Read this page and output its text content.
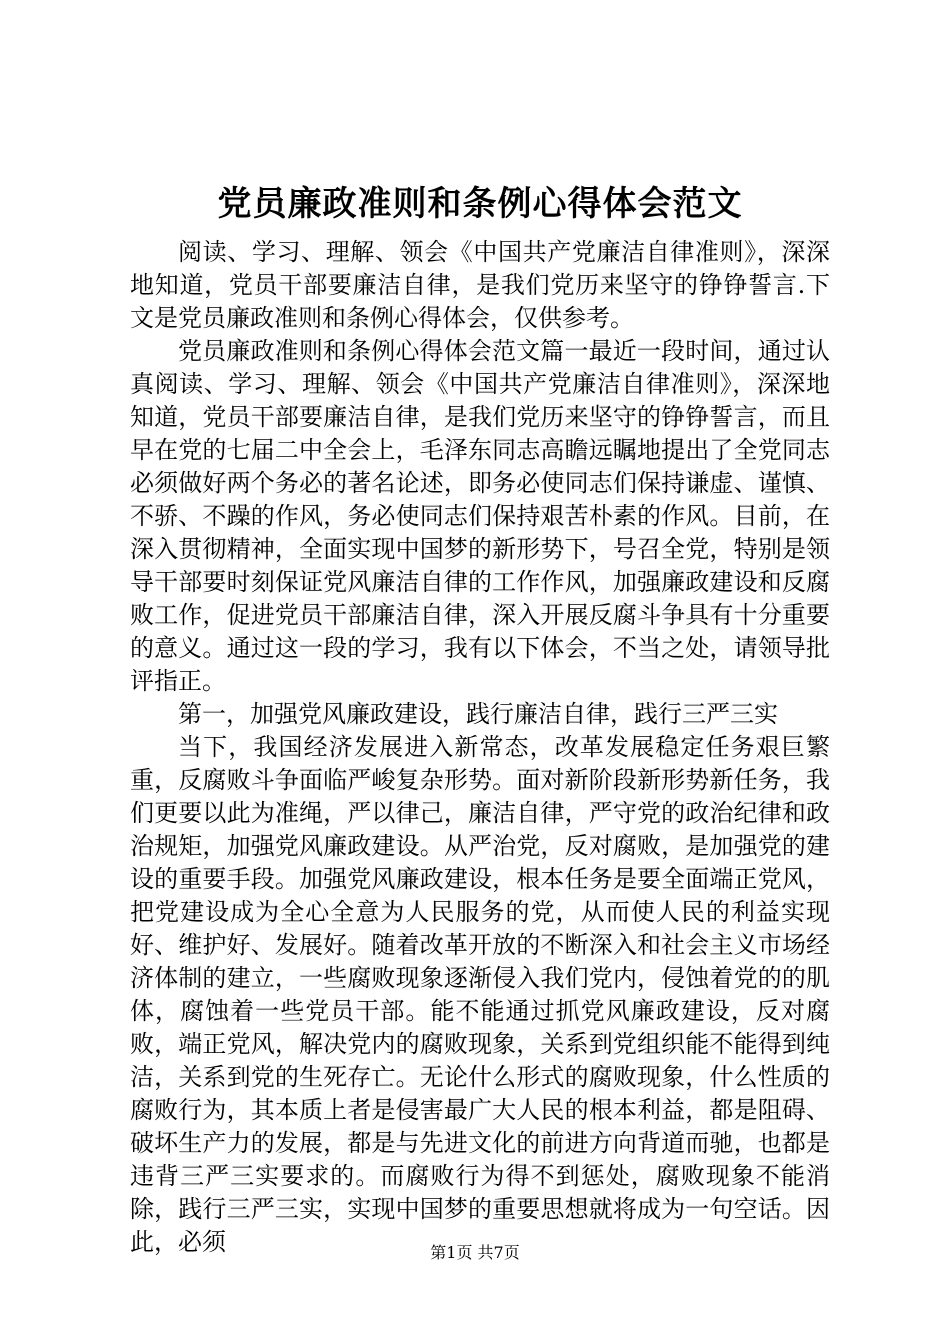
党员廉政准则和条例心得体会范文

阅读、学习、理解、领会《中国共产党廉洁自律准则》，深深地知道，党员干部要廉洁自律，是我们党历来坚守的铮铮誓言.下文是党员廉政准则和条例心得体会，仅供参考。

党员廉政准则和条例心得体会范文篇一最近一段时间，通过认真阅读、学习、理解、领会《中国共产党廉洁自律准则》，深深地知道，党员干部要廉洁自律，是我们党历来坚守的铮铮誓言，而且早在党的七届二中全会上，毛泽东同志高瞻远瞩地提出了全党同志必须做好两个务必的著名论述，即务必使同志们保持谦虚、谨慎、不骄、不躁的作风，务必使同志们保持艰苦朴素的作风。目前，在深入贯彻精神，全面实现中国梦的新形势下，号召全党，特别是领导干部要时刻保证党风廉洁自律的工作作风，加强廉政建设和反腐败工作，促进党员干部廉洁自律，深入开展反腐斗争具有十分重要的意义。通过这一段的学习，我有以下体会，不当之处，请领导批评指正。

第一，加强党风廉政建设，践行廉洁自律，践行三严三实

当下，我国经济发展进入新常态，改革发展稳定任务艰巨繁重，反腐败斗争面临严峻复杂形势。面对新阶段新形势新任务，我们更要以此为准绳，严以律己，廉洁自律，严守党的政治纪律和政治规矩，加强党风廉政建设。从严治党，反对腐败，是加强党的建设的重要手段。加强党风廉政建设，根本任务是要全面端正党风，把党建设成为全心全意为人民服务的党，从而使人民的利益实现好、维护好、发展好。随着改革开放的不断深入和社会主义市场经济体制的建立，一些腐败现象逐渐侵入我们党内，侵蚀着党的的肌体，腐蚀着一些党员干部。能不能通过抓党风廉政建设，反对腐败，端正党风，解决党内的腐败现象，关系到党组织能不能得到纯洁，关系到党的生死存亡。无论什么形式的腐败现象，什么性质的腐败行为，其本质上者是侵害最广大人民的根本利益，都是阻碍、破坏生产力的发展，都是与先进文化的前进方向背道而驰，也都是违背三严三实要求的。而腐败行为得不到惩处，腐败现象不能消除，践行三严三实，实现中国梦的重要思想就将成为一句空话。因此，必须	第1页 共7页
